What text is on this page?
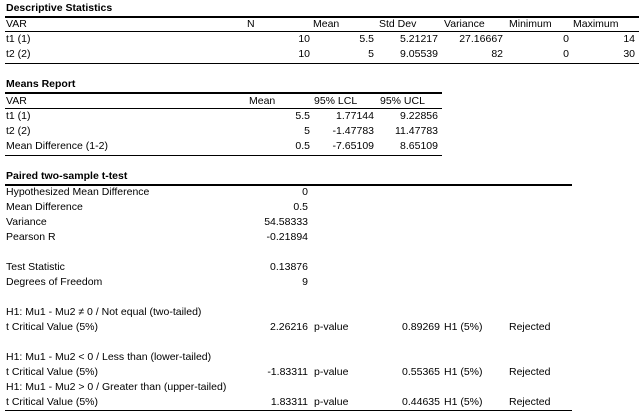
Descriptive Statistics
VAR	N	Mean	Std Dev	Variance Minimum Maximum
t1 (1)	10	5.5	5.21217	27.16667	0	14
t2 (2)	10	5	9.05539	82	0	30
Means Report
VAR	Mean	95% LCL 95% UCL
t1 (1)	5.5	1.77144	9.22856
t2 (2)	5	-1.47783	11.47783
Mean Difference (1-2)	0.5	-7.65109	8.65109
Paired two-sample t-test
Hypothesized Mean Difference	0
Mean Difference	0.5
Variance	54.58333
Pearson R	-0.21894
Test Statistic	0.13876
Degrees of Freedom	9
H1: Mu1 - Mu2 ≠ 0 / Not equal (two-tailed)
t Critical Value (5%)	2.26216 p-value	0.89269 H1 (5%)	Rejected
H1: Mu1 - Mu2 < 0 / Less than (lower-tailed)
t Critical Value (5%)	-1.83311 p-value	0.55365 H1 (5%)	Rejected
H1: Mu1 - Mu2 > 0 / Greater than (upper-tailed)
t Critical Value (5%)	1.83311 p-value	0.44635 H1 (5%)	Rejected
